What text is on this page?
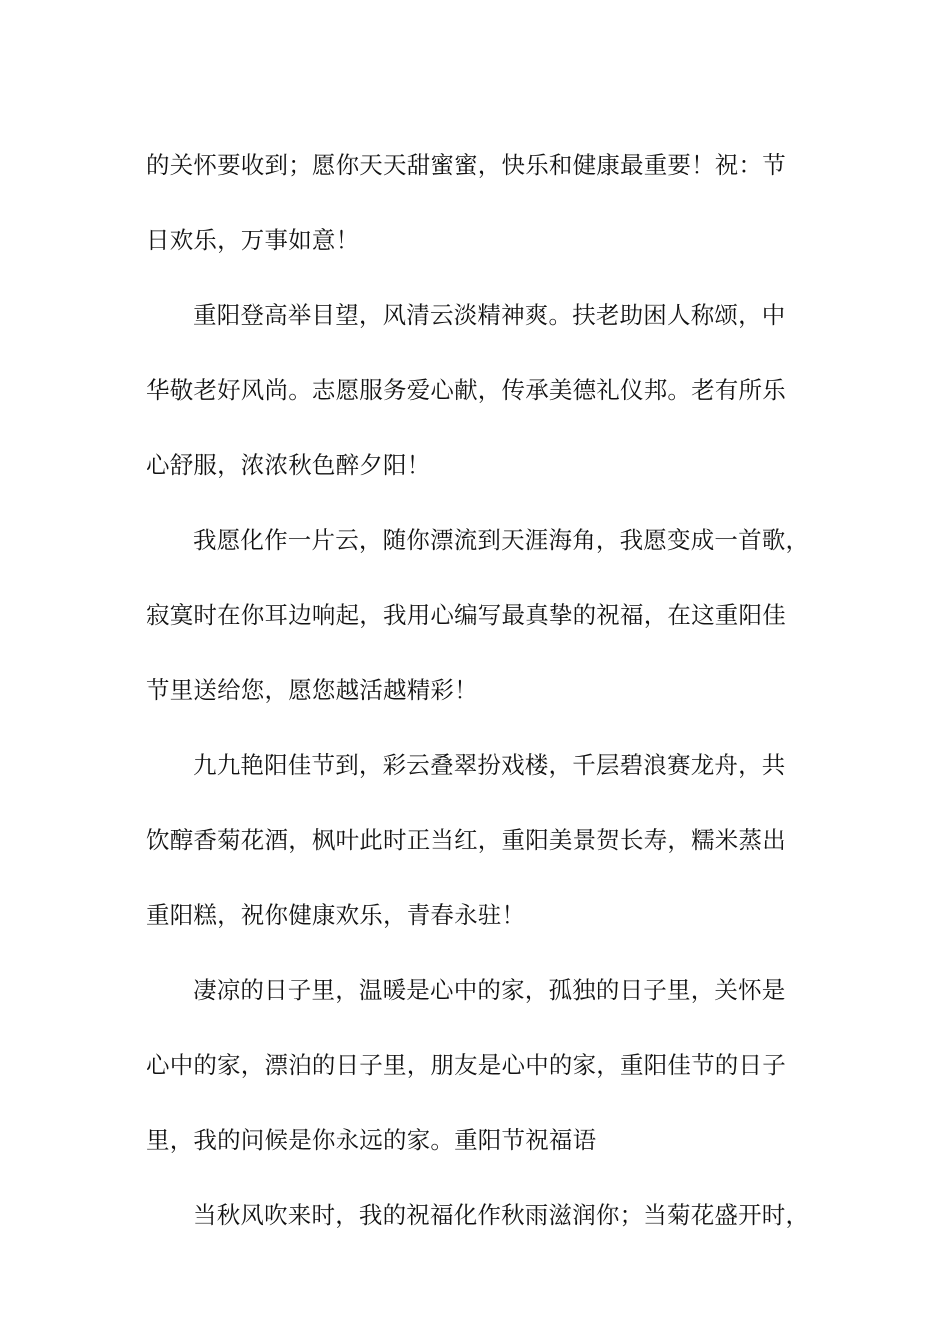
的关怀要收到；愿你天天甜蜜蜜，快乐和健康最重要！祝：节
日欢乐，万事如意！
重阳登高举目望，风清云淡精神爽。扶老助困人称颂，中
华敬老好风尚。志愿服务爱心献，传承美德礼仪邦。老有所乐
心舒服，浓浓秋色醉夕阳！
我愿化作一片云，随你漂流到天涯海角，我愿变成一首歌，
寂寞时在你耳边响起，我用心编写最真挚的祝福，在这重阳佳
节里送给您，愿您越活越精彩！
九九艳阳佳节到，彩云叠翠扮戏楼，千层碧浪赛龙舟，共
饮醇香菊花酒，枫叶此时正当红，重阳美景贺长寿，糯米蒸出
重阳糕，祝你健康欢乐，青春永驻！
凄凉的日子里，温暖是心中的家，孤独的日子里，关怀是
心中的家，漂泊的日子里，朋友是心中的家，重阳佳节的日子
里，我的问候是你永远的家。重阳节祝福语
当秋风吹来时，我的祝福化作秋雨滋润你；当菊花盛开时，
